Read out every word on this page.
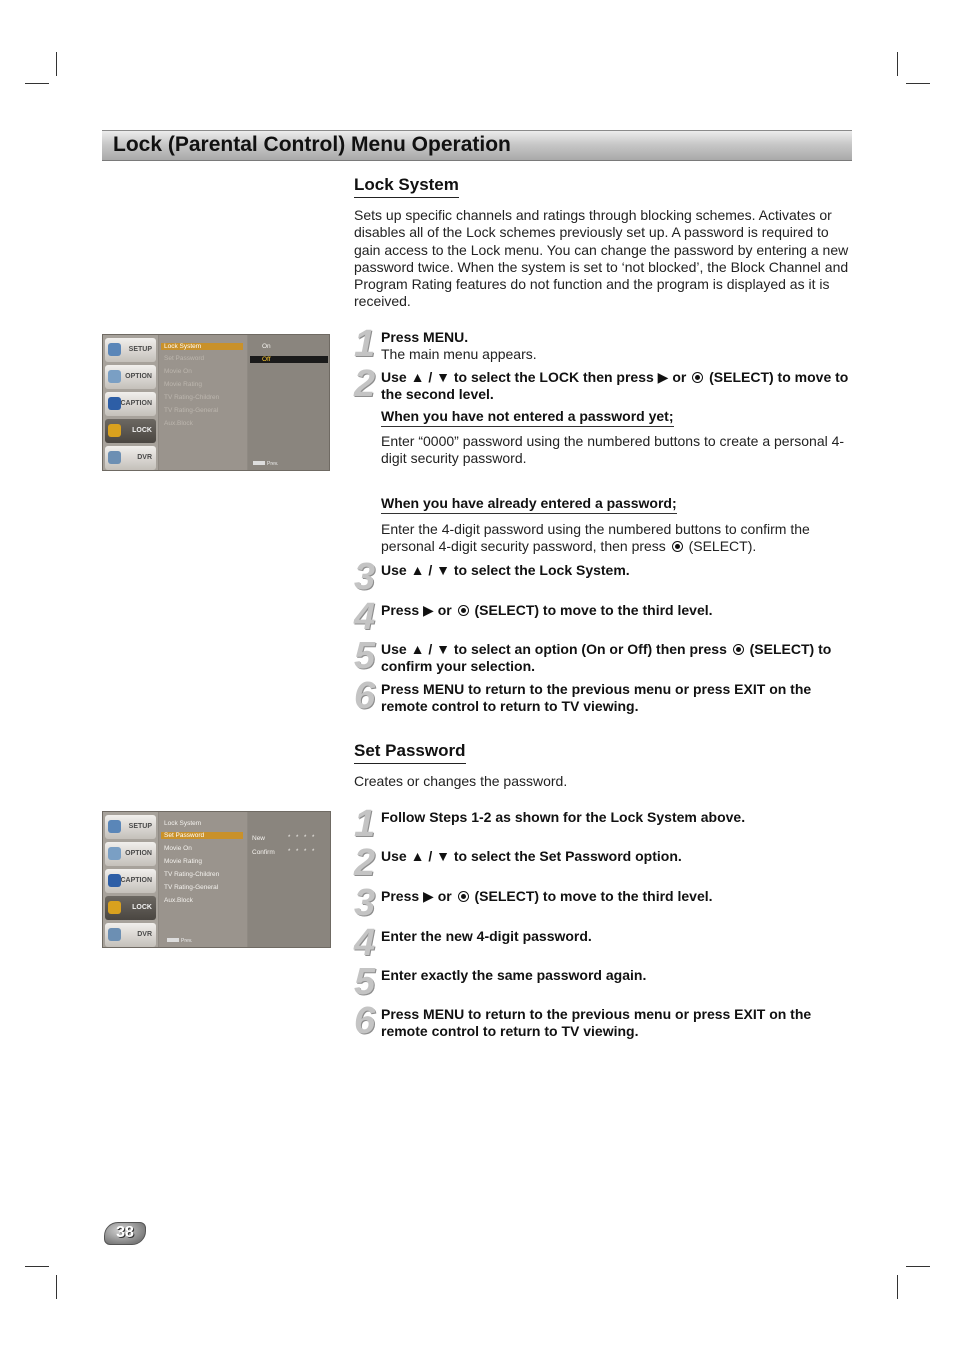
Lock (Parental Control) Menu Operation
Lock System

Sets up specific channels and ratings through blocking schemes. Activates or disables all of the Lock schemes previously set up. A password is required to gain access to the Lock menu. You can change the password by entering a new password twice. When the system is set to ‘not blocked’, the Block Channel and Program Rating features do not function and the program is displayed as it is received.

SETUP
OPTION
CAPTION
LOCK
DVR
Lock System
Set Password
Movie On
Movie Rating
TV Rating-Children
TV Rating-General
Aux.Block
On
Off
Prev.
1 Press MENU.
The main menu appears.
2 Use ▲ / ▼ to select the LOCK then press ▶ or (SELECT) to move to the second level.
When you have not entered a password yet;

Enter “0000” password using the numbered buttons to create a personal 4-digit security password.

When you have already entered a password;

Enter the 4-digit password using the numbered buttons to confirm the personal 4-digit security password, then press (SELECT).

3 Use ▲ / ▼ to select the Lock System.
4 Press ▶ or (SELECT) to move to the third level.
5 Use ▲ / ▼ to select an option (On or Off) then press (SELECT) to confirm your selection.
6 Press MENU to return to the previous menu or press EXIT on the remote control to return to TV viewing.
Set Password

Creates or changes the password.

SETUP
OPTION
CAPTION
LOCK
DVR
Lock System
Set Password
Movie On
Movie Rating
TV Rating-Children
TV Rating-General
Aux.Block
Prev.
New	* * * *
Confirm * * * *
1 Follow Steps 1-2 as shown for the Lock System above.
2 Use ▲ / ▼ to select the Set Password option.
3 Press ▶ or (SELECT) to move to the third level.
4 Enter the new 4-digit password.
5 Enter exactly the same password again.
6 Press MENU to return to the previous menu or press EXIT on the remote control to return to TV viewing.
38
